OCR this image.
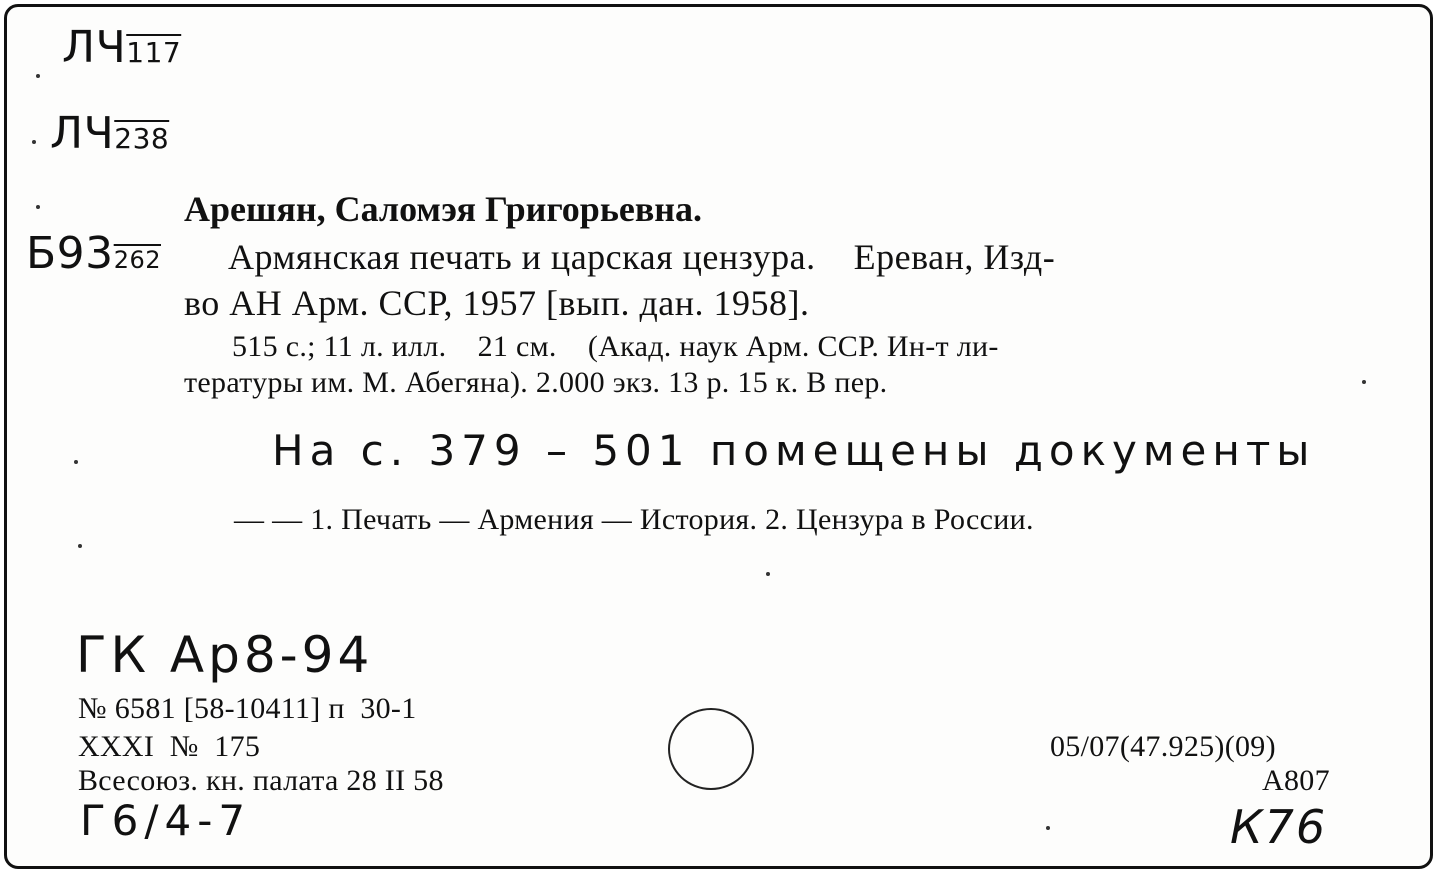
ЛЧ117
ЛЧ238
Б93262
Арешян, Саломэя Григорьевна.
Армянская печать и царская цензура.    Ереван, Изд-
во АН Арм. ССР, 1957 [вып. дан. 1958].
515 с.; 11 л. илл.    21 см.    (Акад. наук Арм. ССР. Ин-т ли-
тературы им. М. Абегяна). 2.000 экз. 13 р. 15 к. В пер.
На с. 379 – 501 помещены документы
— — 1. Печать — Армения — История. 2. Цензура в России.
ГК Ар8-94
№ 6581 [58-10411] п  30-1
XXXI  №  175
Всесоюз. кн. палата 28 II 58
Г6/4-7
05/07(47.925)(09)
А807
К76
